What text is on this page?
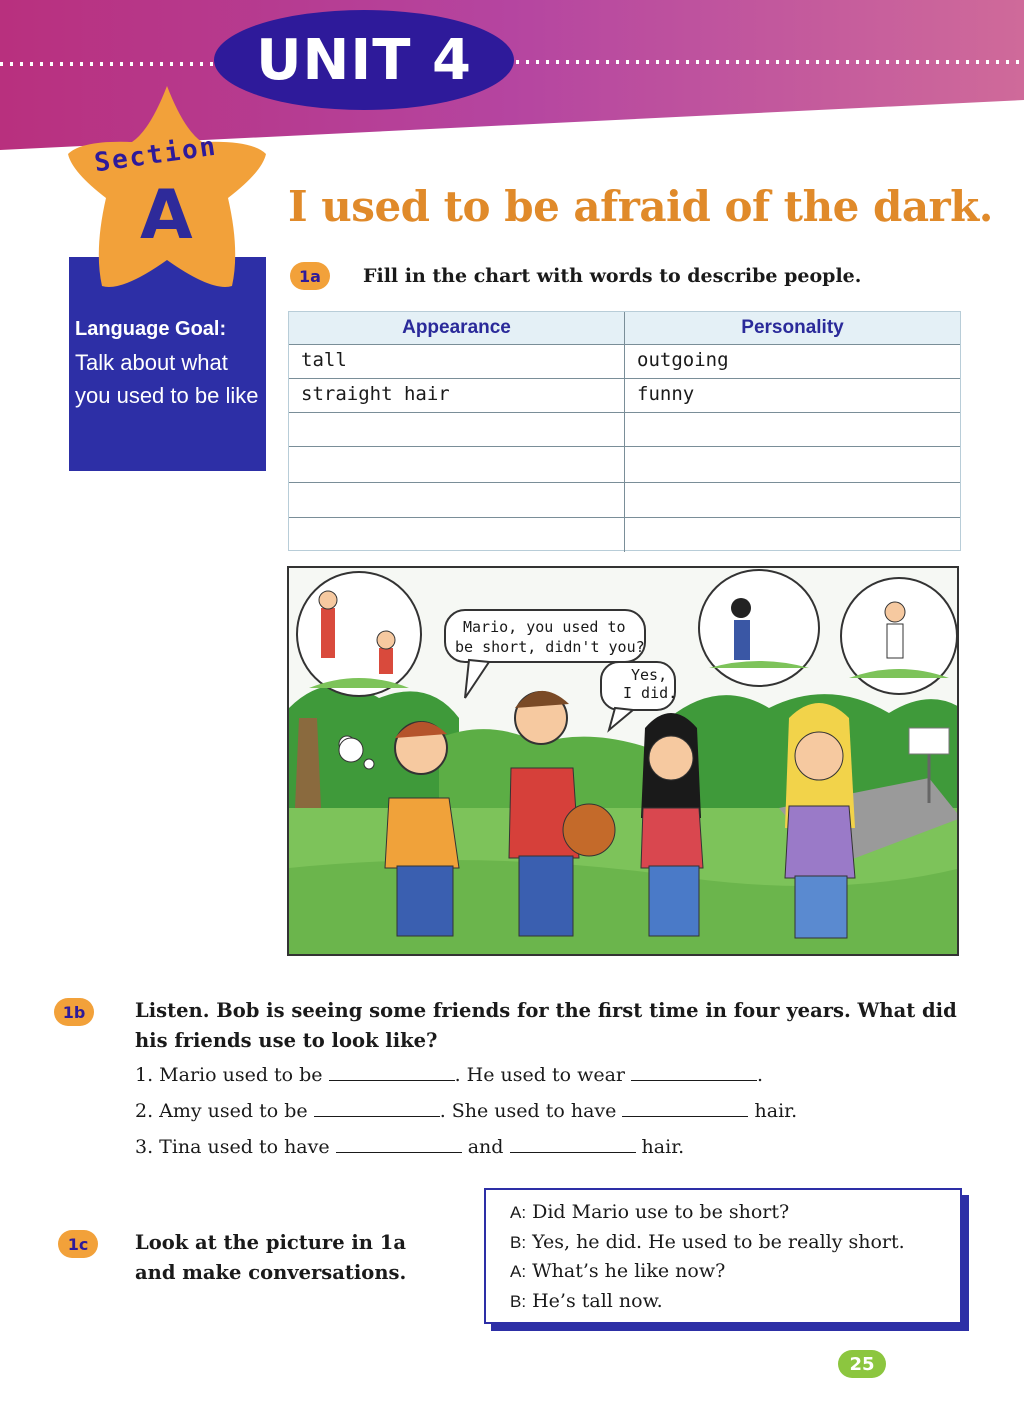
UNIT 4
Language Goal:
Talk about what you used to be like
Section
A I used to be afraid of the dark.
1a	Fill in the chart with words to describe people.
Appearance	Personality
tall	outgoing
straight hair	funny
Mario, you used to
be short, didn't you?
Yes,
I did.
1b	Listen. Bob is seeing some friends for the first time in four years. What did his friends use to look like?
1. Mario used to be	. He used to wear	.
2. Amy used to be	. She used to have	hair.
3. Tina used to have	and	hair.
1c	Look at the picture in 1a and make conversations.
A: Did Mario use to be short?
B: Yes, he did. He used to be really short.
A: What’s he like now?
B: He’s tall now.
25
